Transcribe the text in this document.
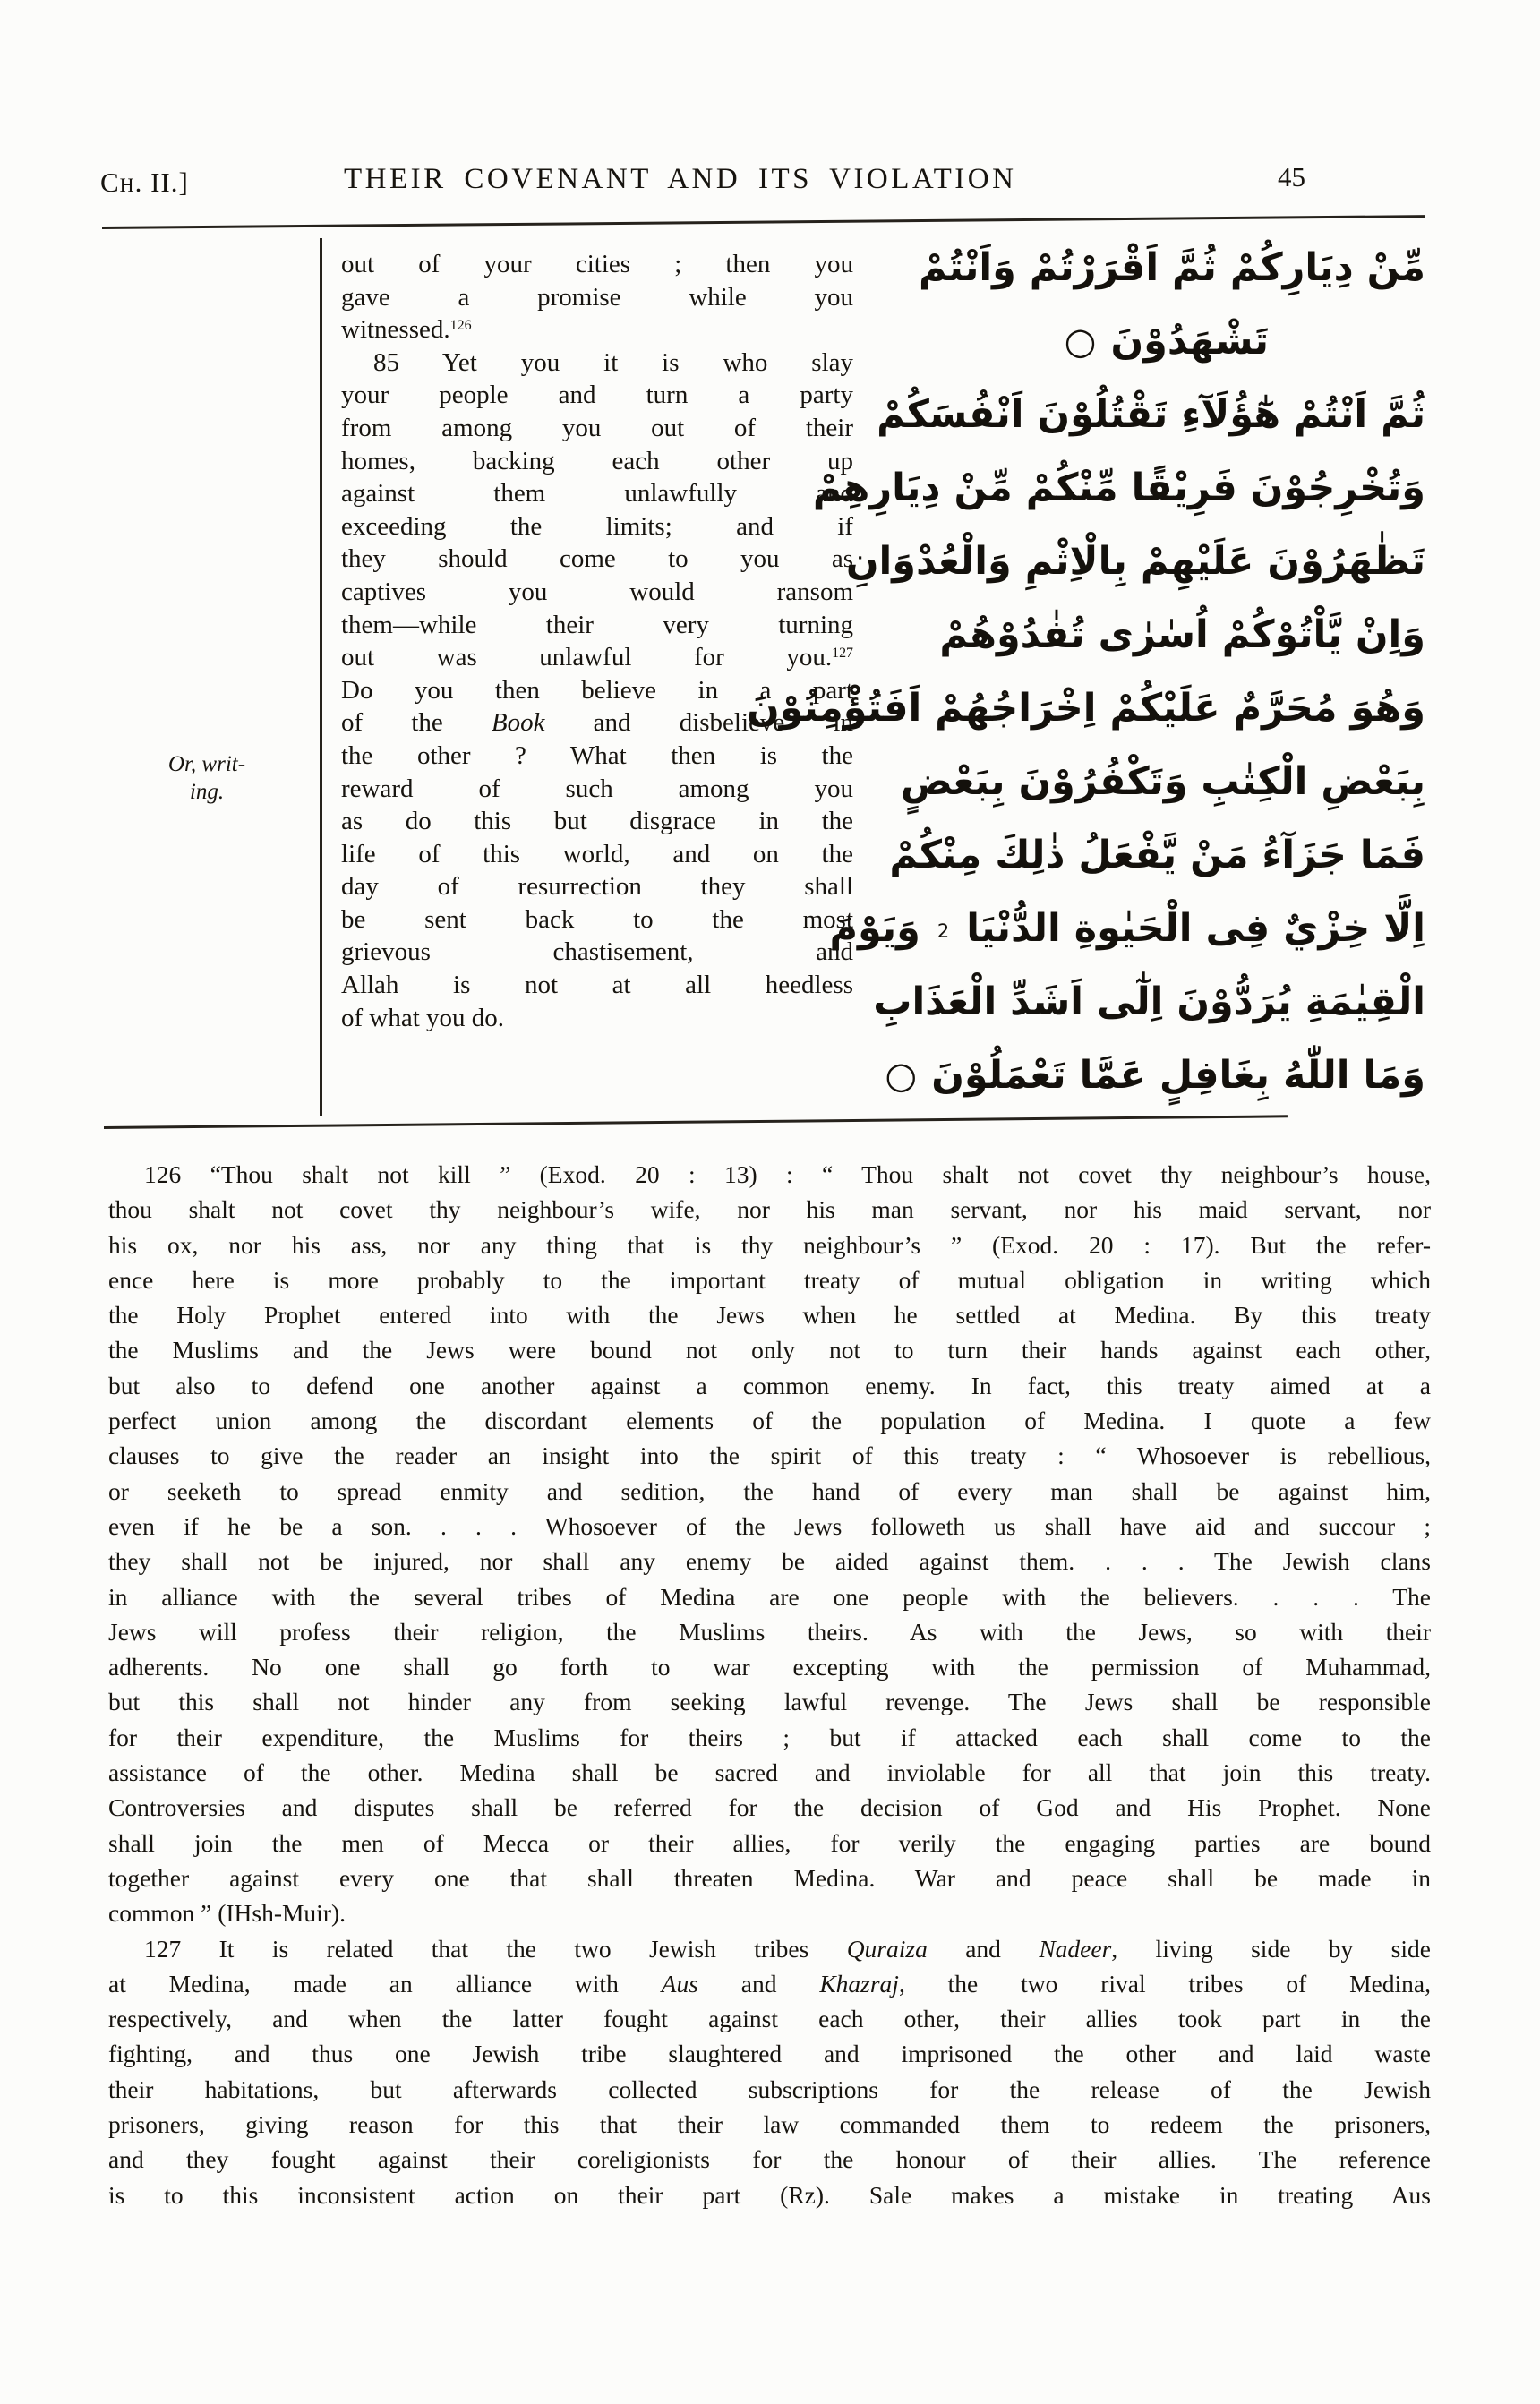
Ch. II.]	THEIR COVENANT AND ITS VIOLATION	45
Or, writ-
ing.
out of your cities ; then you
gave a promise while you
witnessed.$^{126}$
85 Yet you it is who slay
your people and turn a party
from among you out of their
homes, backing each other up
against them unlawfully and
exceeding the limits; and if
they should come to you as
captives you would ransom
them—while their very turning
out was unlawful for you.$^{127}$
Do you then believe in a part
of the Book and disbelieve in
the other ? What then is the
reward of such among you
as do this but disgrace in the
life of this world, and on the
day of resurrection they shall
be sent back to the most
grievous chastisement, and
Allah is not at all heedless
of what you do.
مِّنْ دِيَارِكُمْ ثُمَّ اَقْرَرْتُمْ وَاَنْتُمْ
تَشْهَدُوْنَ○
ثُمَّ اَنْتُمْ هٰٓؤُلَآءِ تَقْتُلُوْنَ اَنْفُسَكُمْ
وَتُخْرِجُوْنَ فَرِيْقًا مِّنْكُمْ مِّنْ دِيَارِهِمْ
تَظٰهَرُوْنَ عَلَيْهِمْ بِالْاِثْمِ وَالْعُدْوَانِ
وَاِنْ يَّاْتُوْكُمْ اُسٰرٰى تُفٰدُوْهُمْ
وَهُوَ مُحَرَّمٌ عَلَيْكُمْ اِخْرَاجُهُمْ اَفَتُؤْمِنُوْنَ
بِبَعْضِ الْكِتٰبِ وَتَكْفُرُوْنَ بِبَعْضٍ
فَمَا جَزَآءُ مَنْ يَّفْعَلُ ذٰلِكَ مِنْكُمْ
اِلَّا خِزْيٌ فِى الْحَيٰوةِ الدُّنْيَا 2 وَيَوْمَ
الْقِيٰمَةِ يُرَدُّوْنَ اِلٰٓى اَشَدِّ الْعَذَابِ
وَمَا اللّٰهُ بِغَافِلٍ عَمَّا تَعْمَلُوْنَ○
126 “Thou shalt not kill ” (Exod. 20 : 13) : “ Thou shalt not covet thy neighbour’s house,
thou shalt not covet thy neighbour’s wife, nor his man servant, nor his maid servant, nor
his ox, nor his ass, nor any thing that is thy neighbour’s ” (Exod. 20 : 17). But the refer-
ence here is more probably to the important treaty of mutual obligation in writing which
the Holy Prophet entered into with the Jews when he settled at Medina. By this treaty
the Muslims and the Jews were bound not only not to turn their hands against each other,
but also to defend one another against a common enemy. In fact, this treaty aimed at a
perfect union among the discordant elements of the population of Medina. I quote a few
clauses to give the reader an insight into the spirit of this treaty : “ Whosoever is rebellious,
or seeketh to spread enmity and sedition, the hand of every man shall be against him,
even if he be a son. . . . Whosoever of the Jews followeth us shall have aid and succour ;
they shall not be injured, nor shall any enemy be aided against them. . . . The Jewish clans
in alliance with the several tribes of Medina are one people with the believers. . . . The
Jews will profess their religion, the Muslims theirs. As with the Jews, so with their
adherents. No one shall go forth to war excepting with the permission of Muhammad,
but this shall not hinder any from seeking lawful revenge. The Jews shall be responsible
for their expenditure, the Muslims for theirs ; but if attacked each shall come to the
assistance of the other. Medina shall be sacred and inviolable for all that join this treaty.
Controversies and disputes shall be referred for the decision of God and His Prophet. None
shall join the men of Mecca or their allies, for verily the engaging parties are bound
together against every one that shall threaten Medina. War and peace shall be made in
common ” (IHsh-Muir).
127 It is related that the two Jewish tribes Quraiza and Nadeer, living side by side
at Medina, made an alliance with Aus and Khazraj, the two rival tribes of Medina,
respectively, and when the latter fought against each other, their allies took part in the
fighting, and thus one Jewish tribe slaughtered and imprisoned the other and laid waste
their habitations, but afterwards collected subscriptions for the release of the Jewish
prisoners, giving reason for this that their law commanded them to redeem the prisoners,
and they fought against their coreligionists for the honour of their allies. The reference
is to this inconsistent action on their part (Rz). Sale makes a mistake in treating Aus
